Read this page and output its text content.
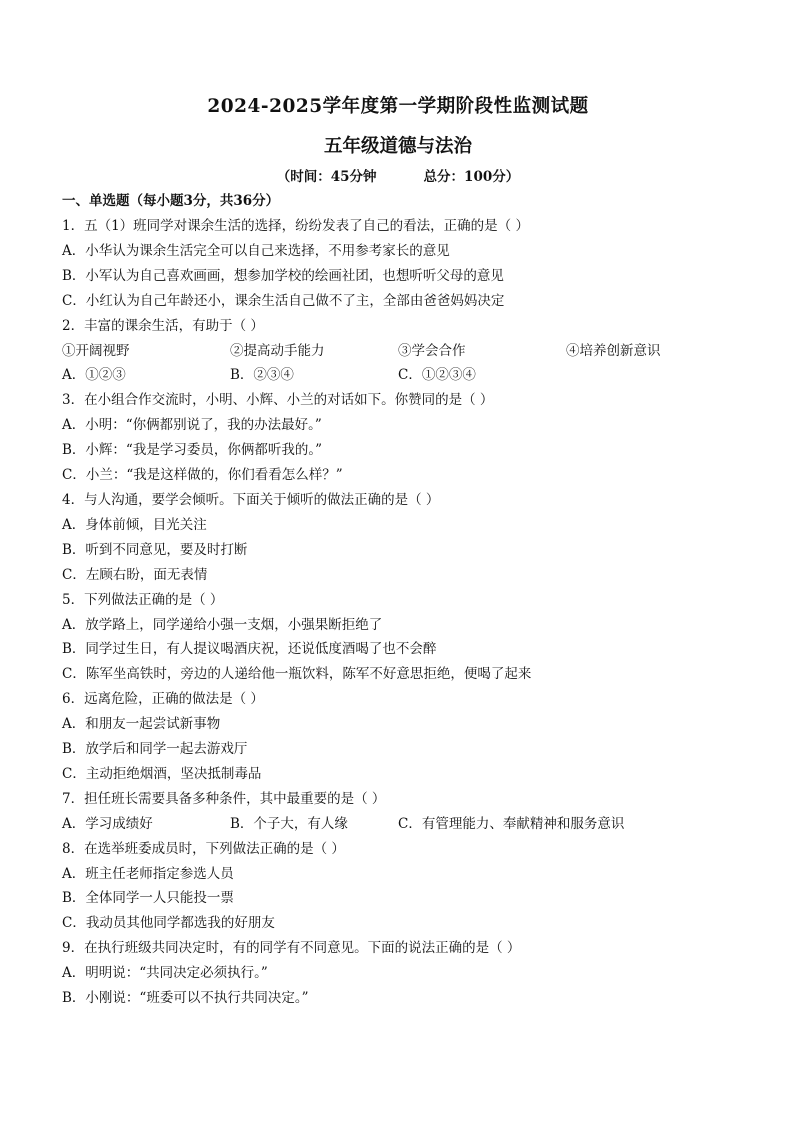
2024-2025学年度第一学期阶段性监测试题
五年级道德与法治
（时间：45分钟          总分：100分）
一、单选题（每小题3分，共36分）
1．五（1）班同学对课余生活的选择，纷纷发表了自己的看法，正确的是（ ）
A．小华认为课余生活完全可以自己来选择，不用参考家长的意见
B．小军认为自己喜欢画画，想参加学校的绘画社团，也想听听父母的意见
C．小红认为自己年龄还小，课余生活自己做不了主，全部由爸爸妈妈决定
2．丰富的课余生活，有助于（ ）
①开阔视野	②提高动手能力	③学会合作	④培养创新意识
A．①②③	B．②③④	C．①②③④
3．在小组合作交流时，小明、小辉、小兰的对话如下。你赞同的是（ ）
A．小明：“你俩都别说了，我的办法最好。”
B．小辉：“我是学习委员，你俩都听我的。”
C．小兰：“我是这样做的，你们看看怎么样？”
4．与人沟通，要学会倾听。下面关于倾听的做法正确的是（ ）
A．身体前倾，目光关注
B．听到不同意见，要及时打断
C．左顾右盼，面无表情
5．下列做法正确的是（ ）
A．放学路上，同学递给小强一支烟，小强果断拒绝了
B．同学过生日，有人提议喝酒庆祝，还说低度酒喝了也不会醉
C．陈军坐高铁时，旁边的人递给他一瓶饮料，陈军不好意思拒绝，便喝了起来
6．远离危险，正确的做法是（ ）
A．和朋友一起尝试新事物
B．放学后和同学一起去游戏厅
C．主动拒绝烟酒，坚决抵制毒品
7．担任班长需要具备多种条件，其中最重要的是（ ）
A．学习成绩好	B．个子大，有人缘	C．有管理能力、奉献精神和服务意识
8．在选举班委成员时，下列做法正确的是（ ）
A．班主任老师指定参选人员
B．全体同学一人只能投一票
C．我动员其他同学都选我的好朋友
9．在执行班级共同决定时，有的同学有不同意见。下面的说法正确的是（ ）
A．明明说：“共同决定必须执行。”
B．小刚说：“班委可以不执行共同决定。”
